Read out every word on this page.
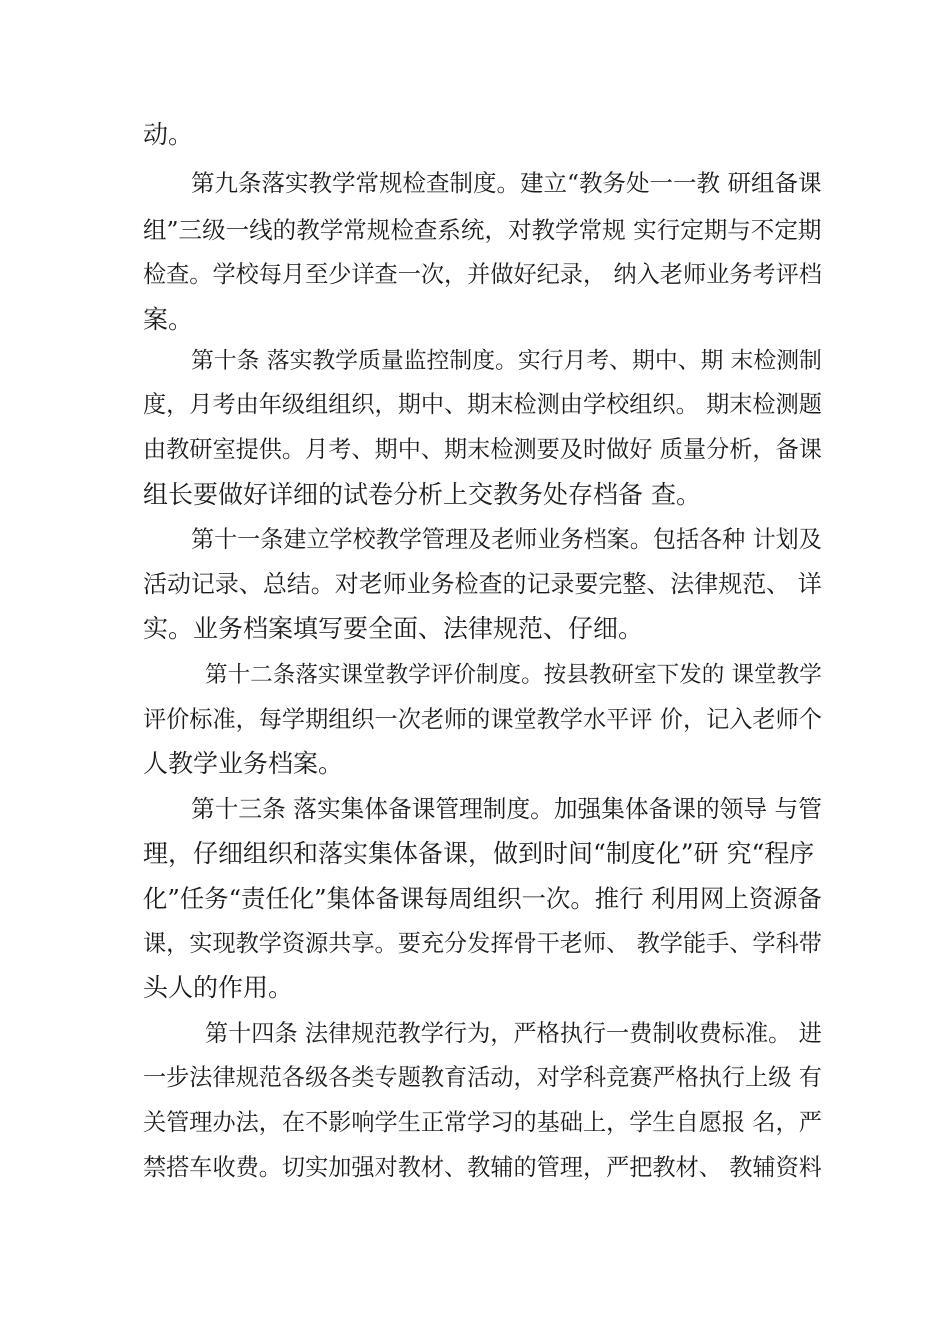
动。

第九条落实教学常规检查制度。建立“教务处一一教 研组备课

组”三级一线的教学常规检查系统，对教学常规 实行定期与不定期

检查。学校每月至少详查一次，并做好纪录， 纳入老师业务考评档

案。

第十条 落实教学质量监控制度。实行月考、期中、期 末检测制

度，月考由年级组组织，期中、期末检测由学校组织。 期末检测题

由教研室提供。月考、期中、期末检测要及时做好 质量分析，备课

组长要做好详细的试卷分析上交教务处存档备 查。

第十一条建立学校教学管理及老师业务档案。包括各种 计划及

活动记录、总结。对老师业务检查的记录要完整、法律规范、 详

实。业务档案填写要全面、法律规范、仔细。

第十二条落实课堂教学评价制度。按县教研室下发的 课堂教学

评价标准，每学期组织一次老师的课堂教学水平评 价，记入老师个

人教学业务档案。

第十三条 落实集体备课管理制度。加强集体备课的领导 与管

理，仔细组织和落实集体备课，做到时间“制度化”研 究“程序

化”任务“责任化”集体备课每周组织一次。推行 利用网上资源备

课，实现教学资源共享。要充分发挥骨干老师、 教学能手、学科带

头人的作用。

第十四条 法律规范教学行为，严格执行一费制收费标准。 进

一步法律规范各级各类专题教育活动，对学科竞赛严格执行上级 有

关管理办法，在不影响学生正常学习的基础上，学生自愿报 名，严

禁搭车收费。切实加强对教材、教辅的管理，严把教材、 教辅资料
